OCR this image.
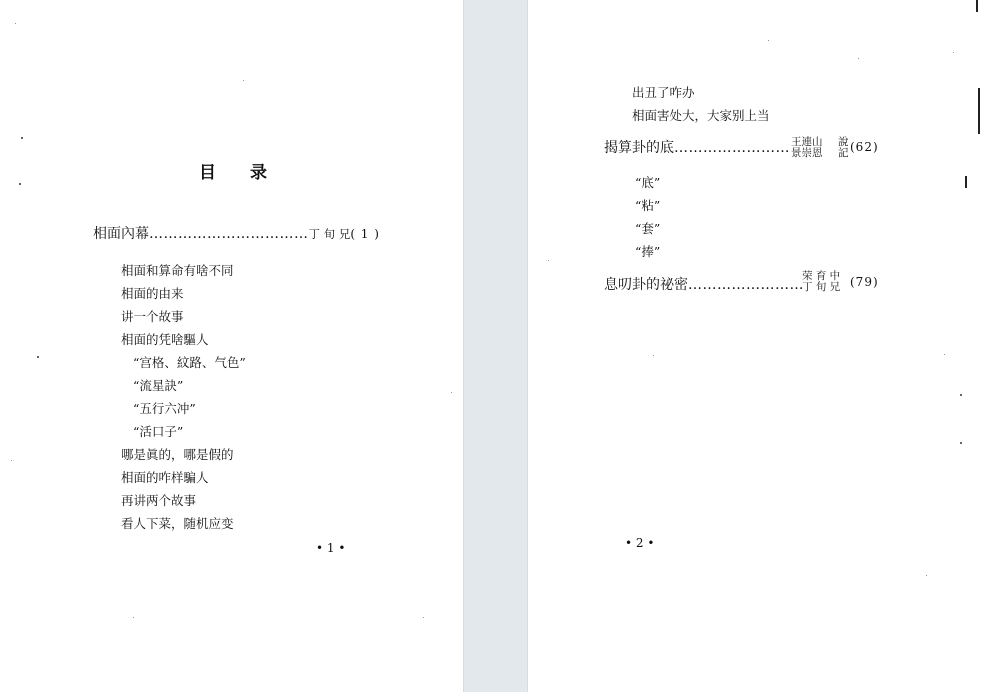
目 录
相面內幕……………………………丁 旬 兄( 1 )
相面和算命有啥不同
相面的由来
讲一个故事
相面的凭啥驅人
“宫格、紋路、气色”
“流星訣”
“五行六冲”
“活口子”
哪是眞的，哪是假的
相面的咋样騙人
再讲两个故事
看人下菜，随机应变
• 1 •
出丑了咋办
相面害处大，大家别上当
揭算卦的底…………………… 王連山
景崇恩
說
記 (62)
“底”
“粘”
“套”
“捧”
息叨卦的祕密……………………
荣 育 中
丁 旬 兄 (79)
• 2 •
